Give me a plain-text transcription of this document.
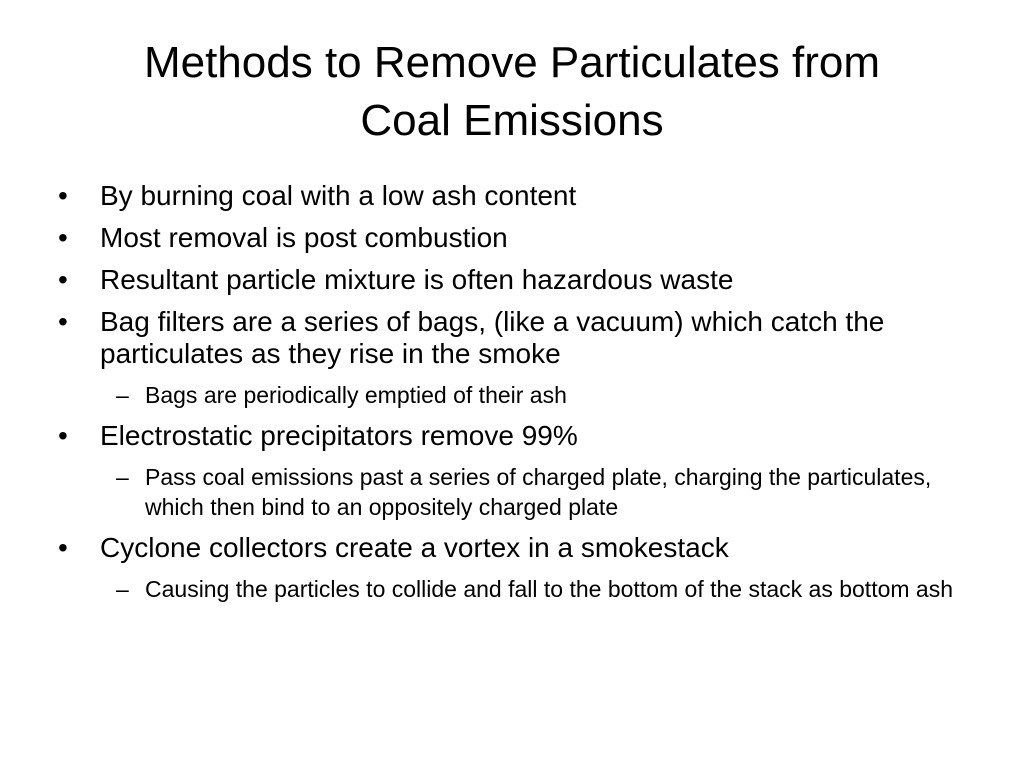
Methods to Remove Particulates from
Coal Emissions
•	By burning coal with a low ash content
•	Most removal is post combustion
•	Resultant particle mixture is often hazardous waste
•	Bag filters are a series of bags, (like a vacuum) which catch the particulates as they rise in the smoke
– Bags are periodically emptied of their ash
•	Electrostatic precipitators remove 99%
– Pass coal emissions past a series of charged plate, charging the particulates, which then bind to an oppositely charged plate
•	Cyclone collectors create a vortex in a smokestack
– Causing the particles to collide and fall to the bottom of the stack as bottom ash
